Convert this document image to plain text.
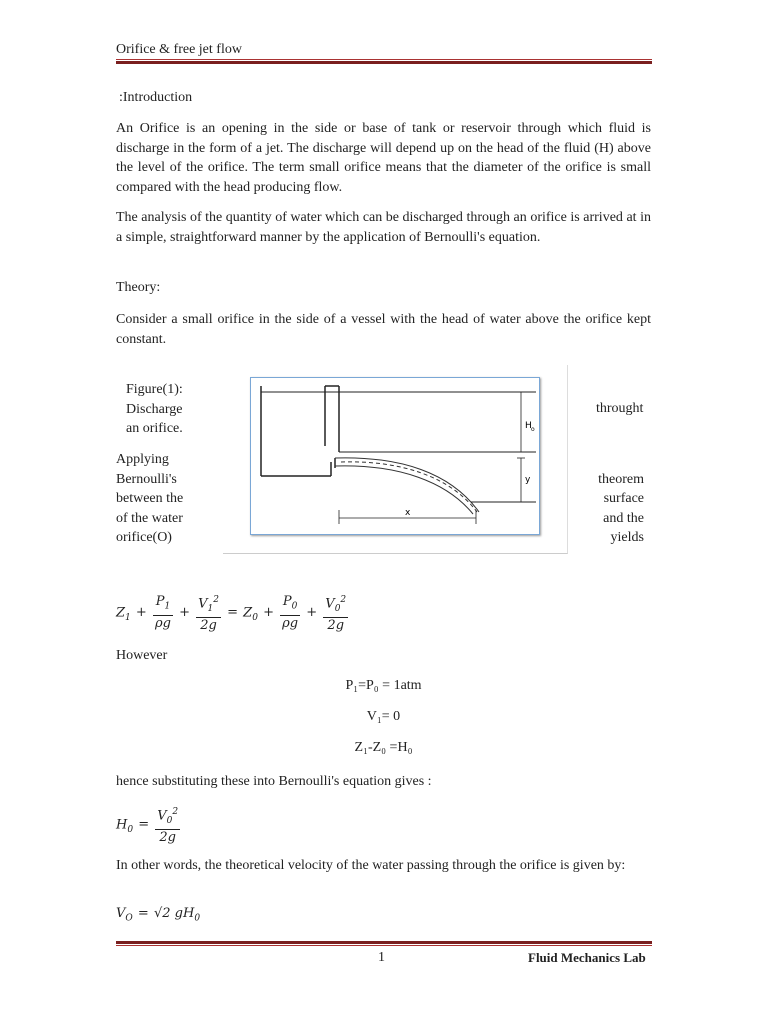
Orifice & free jet flow
:Introduction

An Orifice is an opening in the side or base of tank or reservoir through which fluid is discharge in the form of a jet. The discharge will depend up on the head of the fluid (H) above the level of the orifice. The term small orifice means that the diameter of the orifice is small compared with the head producing flow.

The analysis of the quantity of water which can be discharged through an orifice is arrived at in a simple, straightforward manner by the application of Bernoulli's equation.

Theory:

Consider a small orifice in the side of a vessel with the head of water above the orifice kept constant.

Figure(1):
Discharge
an orifice.
throught
Applying
Bernoulli's
between the
of the water
orifice(O)
theorem
surface
and the
yields
H o
y
x
$Z_1 + \frac{P_1}{\rho g} + \frac{V_1^2}{2g} = Z_0 + \frac{P_0}{\rho g} + \frac{V_0^2}{2g}$
However
P₁=P₀ = 1atm
V₁= 0
Z₁-Z₀ =H₀
hence substituting these into Bernoulli's equation gives :
$H_0 = \frac{V_0^2}{2g}$

In other words, the theoretical velocity of the water passing through the orifice is given by:

$V_O = √2$ $gH_0$
1	Fluid Mechanics Lab
